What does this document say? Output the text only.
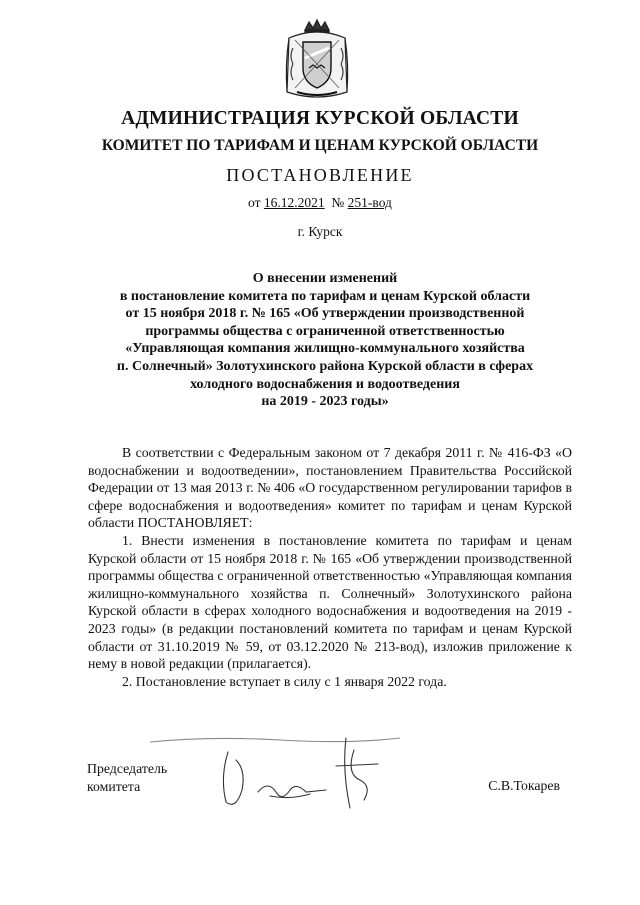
АДМИНИСТРАЦИЯ КУРСКОЙ ОБЛАСТИ
КОМИТЕТ ПО ТАРИФАМ И ЦЕНАМ КУРСКОЙ ОБЛАСТИ
ПОСТАНОВЛЕНИЕ
от 16.12.2021 № 251-вод
г. Курск
О внесении изменений
в постановление комитета по тарифам и ценам Курской области
от 15 ноября 2018 г. № 165 «Об утверждении производственной
программы общества с ограниченной ответственностью
«Управляющая компания жилищно-коммунального хозяйства
п. Солнечный» Золотухинского района Курской области в сферах
холодного водоснабжения и водоотведения
на 2019 - 2023 годы»

В соответствии с Федеральным законом от 7 декабря 2011 г. № 416-ФЗ «О водоснабжении и водоотведении», постановлением Правительства Российской Федерации от 13 мая 2013 г. № 406 «О государственном регулировании тарифов в сфере водоснабжения и водоотведения» комитет по тарифам и ценам Курской области ПОСТАНОВЛЯЕТ:

1. Внести изменения в постановление комитета по тарифам и ценам Курской области от 15 ноября 2018 г. № 165 «Об утверждении производственной программы общества с ограниченной ответственностью «Управляющая компания жилищно-коммунального хозяйства п. Солнечный» Золотухинского района Курской области в сферах холодного водоснабжения и водоотведения на 2019 - 2023 годы» (в редакции постановлений комитета по тарифам и ценам Курской области от 31.10.2019 № 59, от 03.12.2020 № 213-вод), изложив приложение к нему в новой редакции (прилагается).

2. Постановление вступает в силу с 1 января 2022 года.

Председатель
комитета	С.В.Токарев
